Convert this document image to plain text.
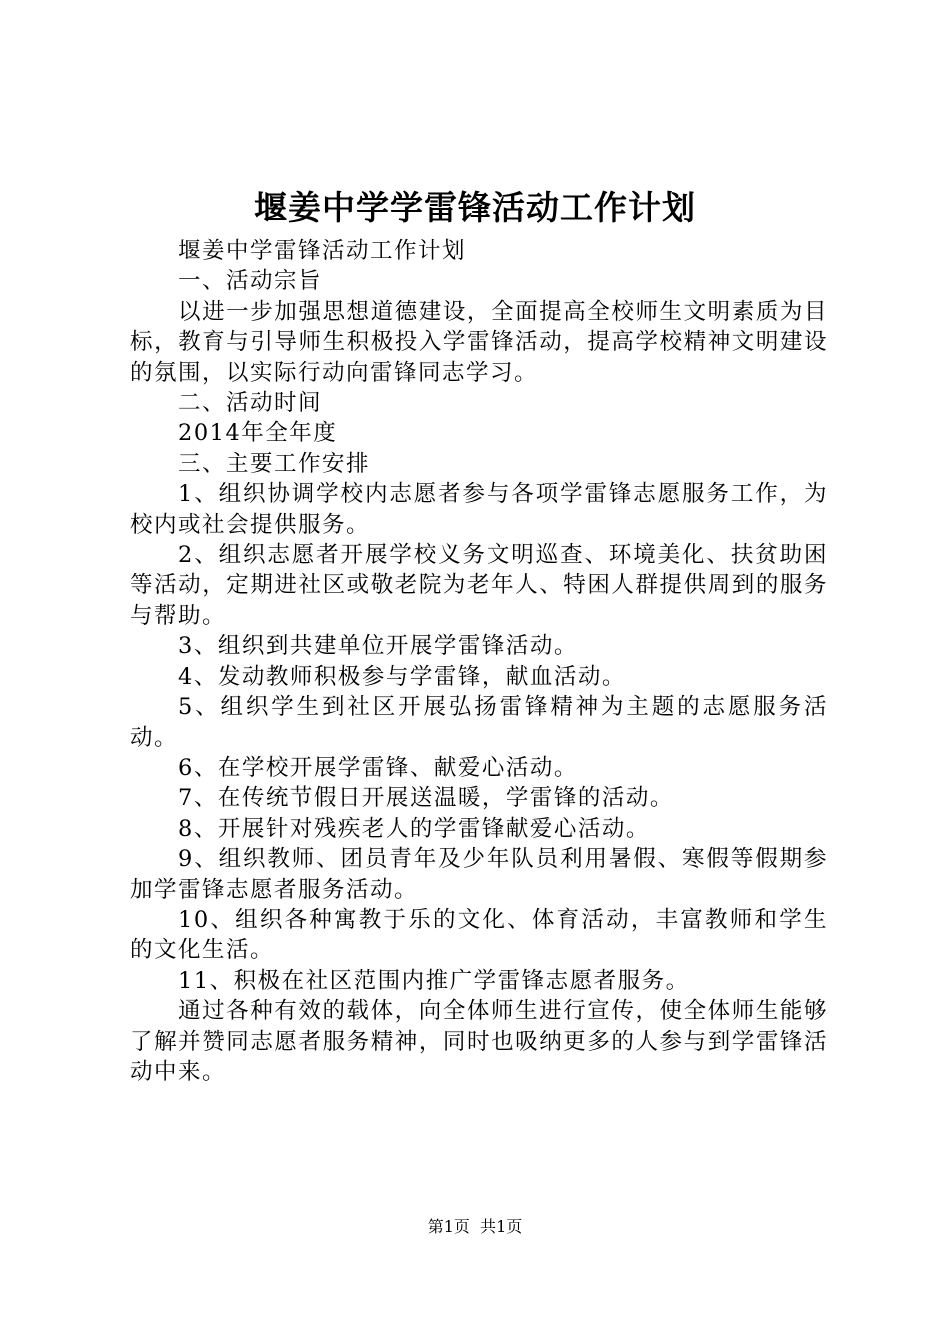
堰姜中学学雷锋活动工作计划

堰姜中学雷锋活动工作计划

一、活动宗旨

以进一步加强思想道德建设，全面提高全校师生文明素质为目标，教育与引导师生积极投入学雷锋活动，提高学校精神文明建设的氛围，以实际行动向雷锋同志学习。

二、活动时间

2014年全年度

三、主要工作安排

1、组织协调学校内志愿者参与各项学雷锋志愿服务工作，为校内或社会提供服务。

2、组织志愿者开展学校义务文明巡查、环境美化、扶贫助困等活动，定期进社区或敬老院为老年人、特困人群提供周到的服务与帮助。

3、组织到共建单位开展学雷锋活动。

4、发动教师积极参与学雷锋，献血活动。

5、组织学生到社区开展弘扬雷锋精神为主题的志愿服务活动。

6、在学校开展学雷锋、献爱心活动。

7、在传统节假日开展送温暖，学雷锋的活动。

8、开展针对残疾老人的学雷锋献爱心活动。

9、组织教师、团员青年及少年队员利用暑假、寒假等假期参加学雷锋志愿者服务活动。

10、组织各种寓教于乐的文化、体育活动，丰富教师和学生的文化生活。

11、积极在社区范围内推广学雷锋志愿者服务。

通过各种有效的载体，向全体师生进行宣传，使全体师生能够了解并赞同志愿者服务精神，同时也吸纳更多的人参与到学雷锋活动中来。

第1页 共1页
